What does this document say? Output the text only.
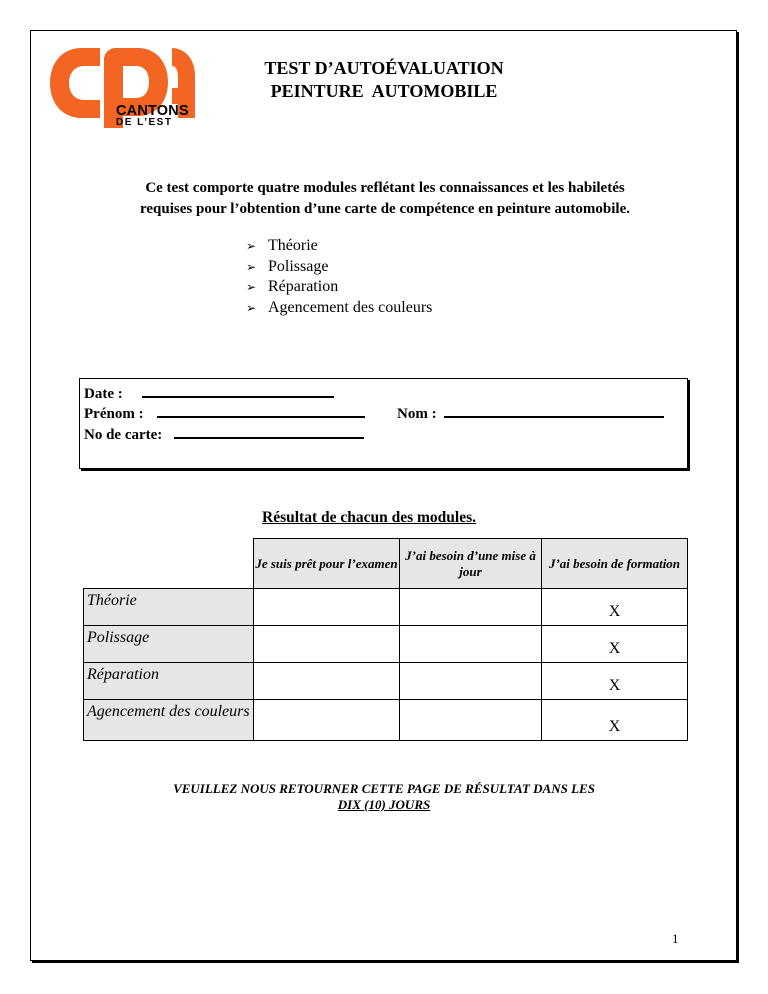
CANTONS
DE L’EST
TEST D’AUTOÉVALUATION
PEINTURE  AUTOMOBILE
Ce test comporte quatre modules reflétant les connaissances et les habiletés
requises pour l’obtention d’une carte de compétence en peinture automobile.
➢ Théorie
➢ Polissage
➢ Réparation
➢ Agencement des couleurs
Date :
Prénom :	Nom :
No de carte:
Résultat de chacun des modules.
	Je suis prêt pour l’examen	J’ai besoin d’une mise à jour	J’ai besoin de formation
Théorie			X
Polissage			X
Réparation			X
Agencement des couleurs			X
VEUILLEZ NOUS RETOURNER CETTE PAGE DE RÉSULTAT DANS LES
DIX (10) JOURS
1
